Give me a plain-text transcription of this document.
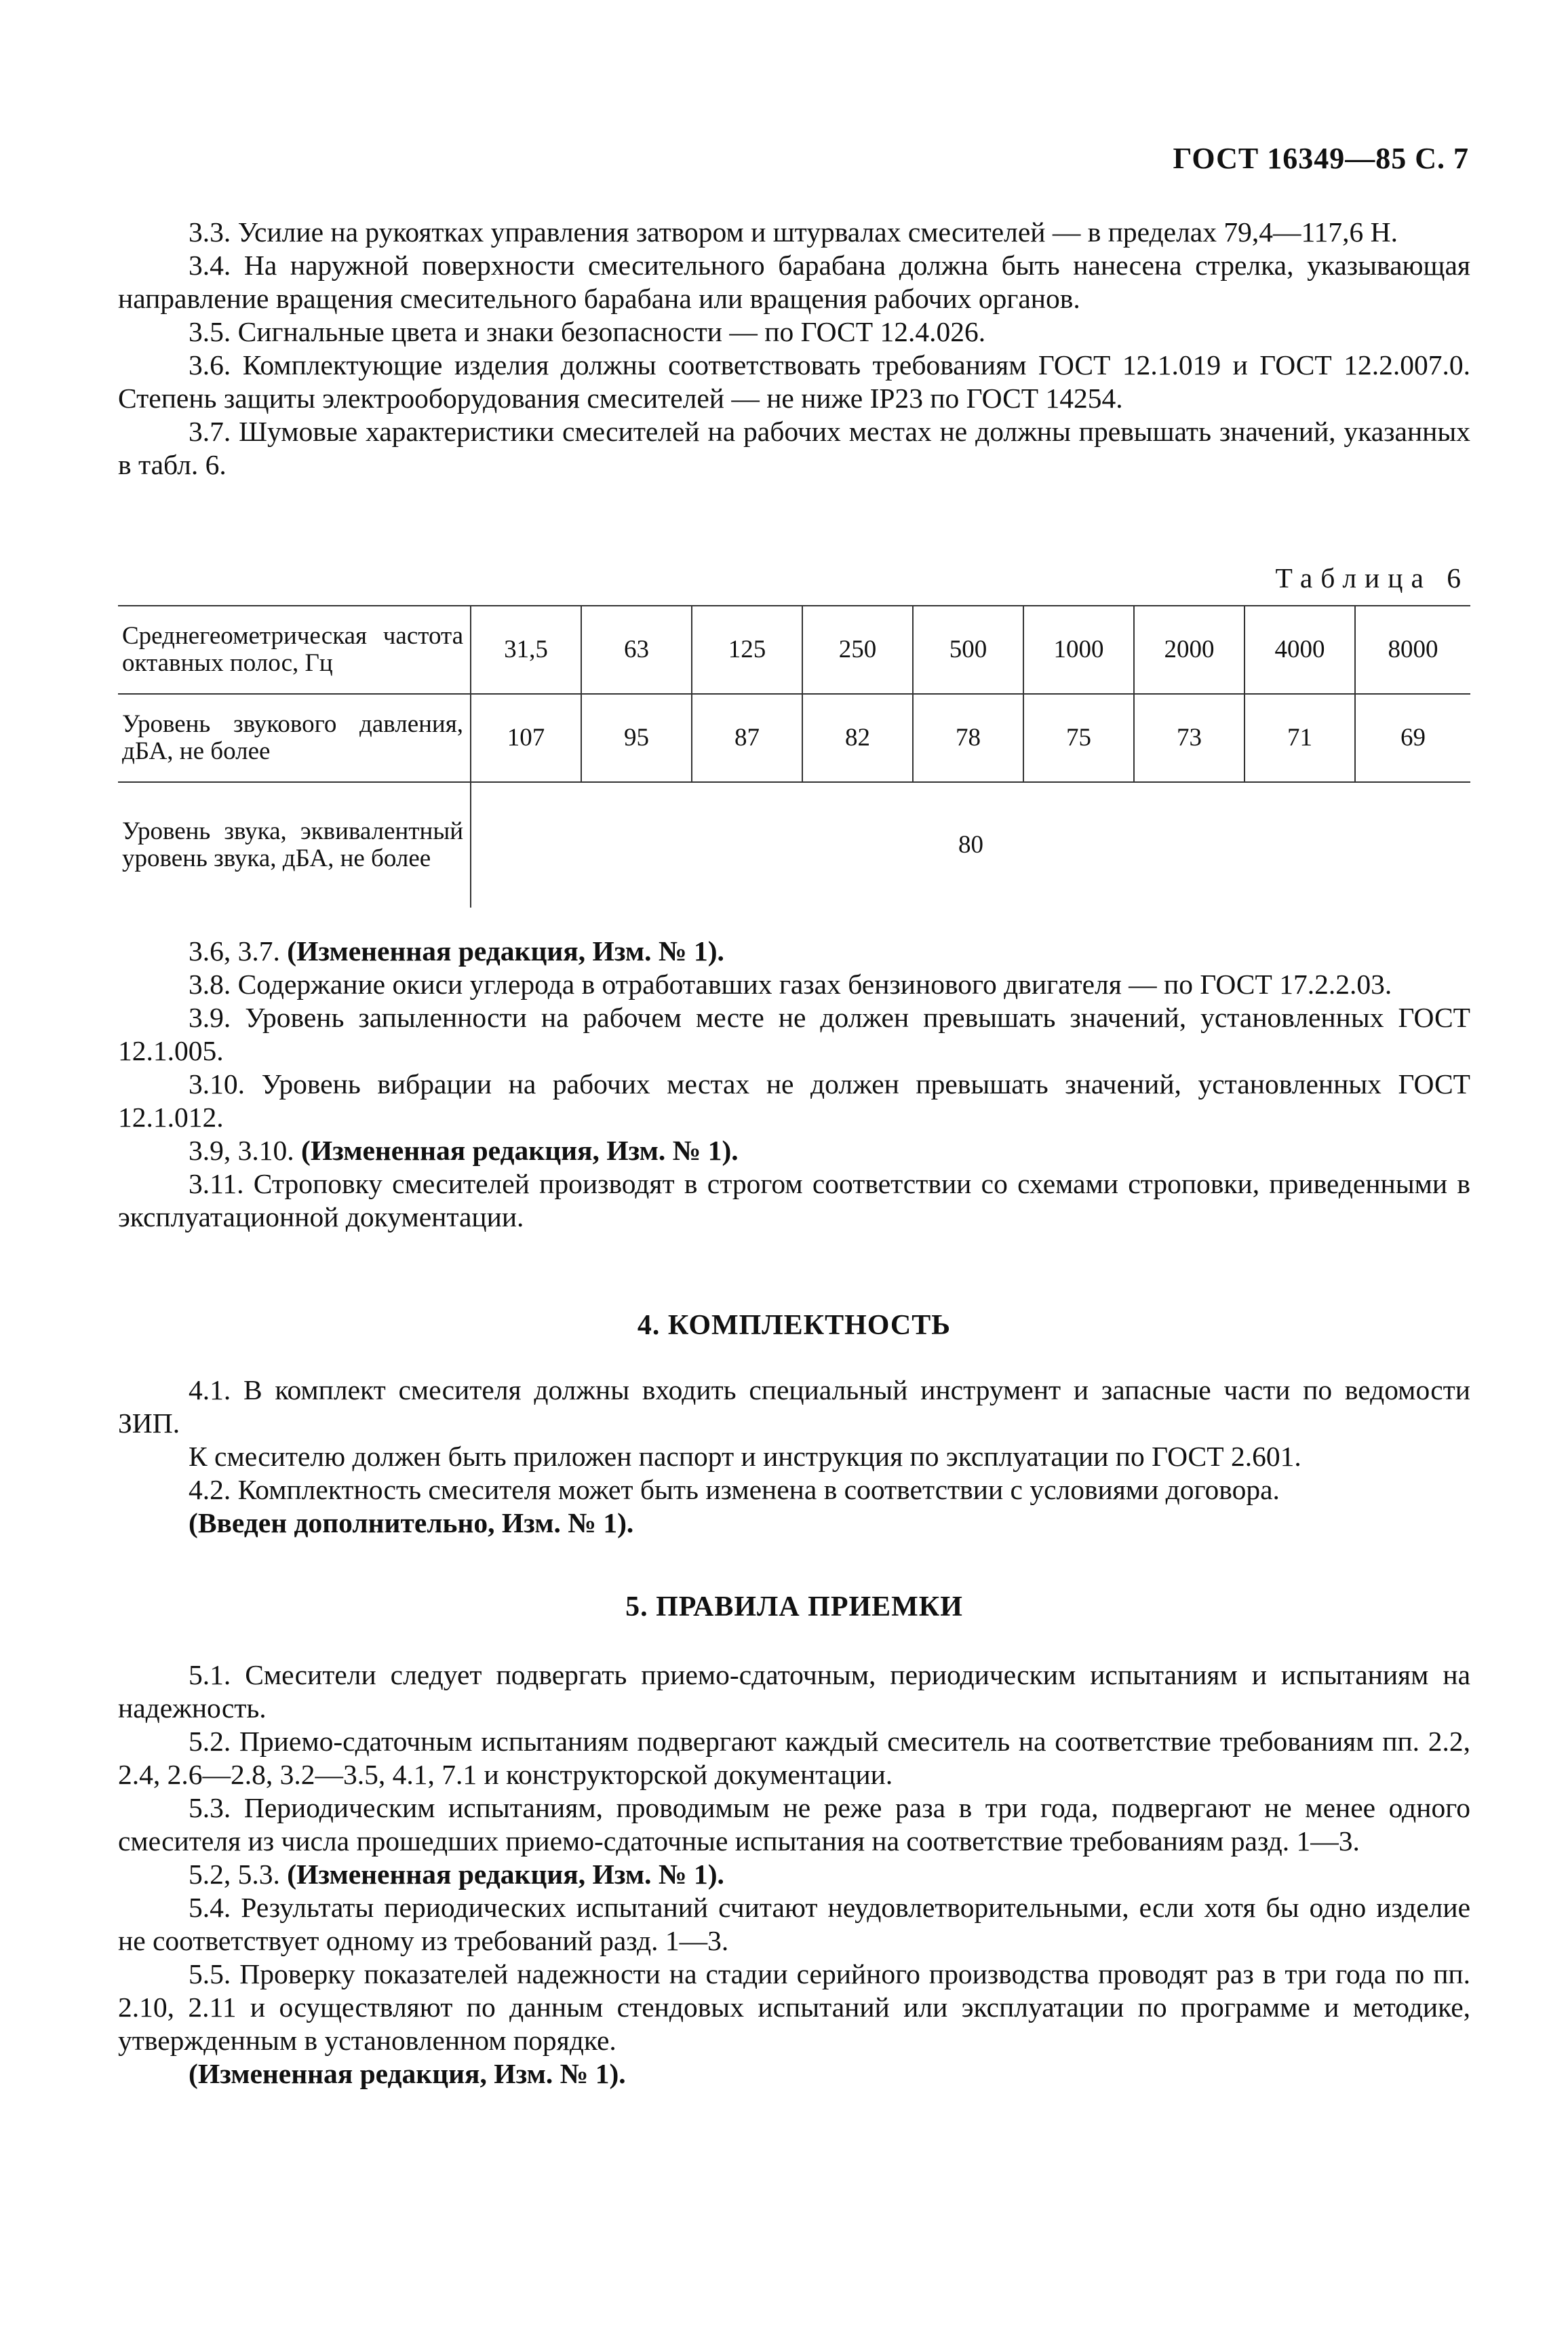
ГОСТ 16349—85 С. 7

3.3. Усилие на рукоятках управления затвором и штурвалах смесителей — в пределах 79,4—117,6 Н.

3.4. На наружной поверхности смесительного барабана должна быть нанесена стрелка, указывающая направление вращения смесительного барабана или вращения рабочих органов.

3.5. Сигнальные цвета и знаки безопасности — по ГОСТ 12.4.026.

3.6. Комплектующие изделия должны соответствовать требованиям ГОСТ 12.1.019 и ГОСТ 12.2.007.0. Степень защиты электрооборудования смесителей — не ниже IР23 по ГОСТ 14254.

3.7. Шумовые характеристики смесителей на рабочих местах не должны превышать значений, указанных в табл. 6.

Таблица 6
Среднегеометрическая частота октавных полос, Гц	31,5	63	125	250	500	1000	2000	4000	8000
Уровень звукового давления, дБА, не более	107	95	87	82	78	75	73	71	69
Уровень звука, эквивалентный уровень звука, дБА, не более	80								

3.6, 3.7. (Измененная редакция, Изм. № 1).

3.8. Содержание окиси углерода в отработавших газах бензинового двигателя — по ГОСТ 17.2.2.03.

3.9. Уровень запыленности на рабочем месте не должен превышать значений, установленных ГОСТ 12.1.005.

3.10. Уровень вибрации на рабочих местах не должен превышать значений, установленных ГОСТ 12.1.012.

3.9, 3.10. (Измененная редакция, Изм. № 1).

3.11. Строповку смесителей производят в строгом соответствии со схемами строповки, приведенными в эксплуатационной документации.

4. КОМПЛЕКТНОСТЬ

4.1. В комплект смесителя должны входить специальный инструмент и запасные части по ведомости ЗИП.

К смесителю должен быть приложен паспорт и инструкция по эксплуатации по ГОСТ 2.601.

4.2. Комплектность смесителя может быть изменена в соответствии с условиями договора.

(Введен дополнительно, Изм. № 1).

5. ПРАВИЛА ПРИЕМКИ

5.1. Смесители следует подвергать приемо-сдаточным, периодическим испытаниям и испытаниям на надежность.

5.2. Приемо-сдаточным испытаниям подвергают каждый смеситель на соответствие требованиям пп. 2.2, 2.4, 2.6—2.8, 3.2—3.5, 4.1, 7.1 и конструкторской документации.

5.3. Периодическим испытаниям, проводимым не реже раза в три года, подвергают не менее одного смесителя из числа прошедших приемо-сдаточные испытания на соответствие требованиям разд. 1—3.

5.2, 5.3. (Измененная редакция, Изм. № 1).

5.4. Результаты периодических испытаний считают неудовлетворительными, если хотя бы одно изделие не соответствует одному из требований разд. 1—3.

5.5. Проверку показателей надежности на стадии серийного производства проводят раз в три года по пп. 2.10, 2.11 и осуществляют по данным стендовых испытаний или эксплуатации по программе и методике, утвержденным в установленном порядке.

(Измененная редакция, Изм. № 1).
